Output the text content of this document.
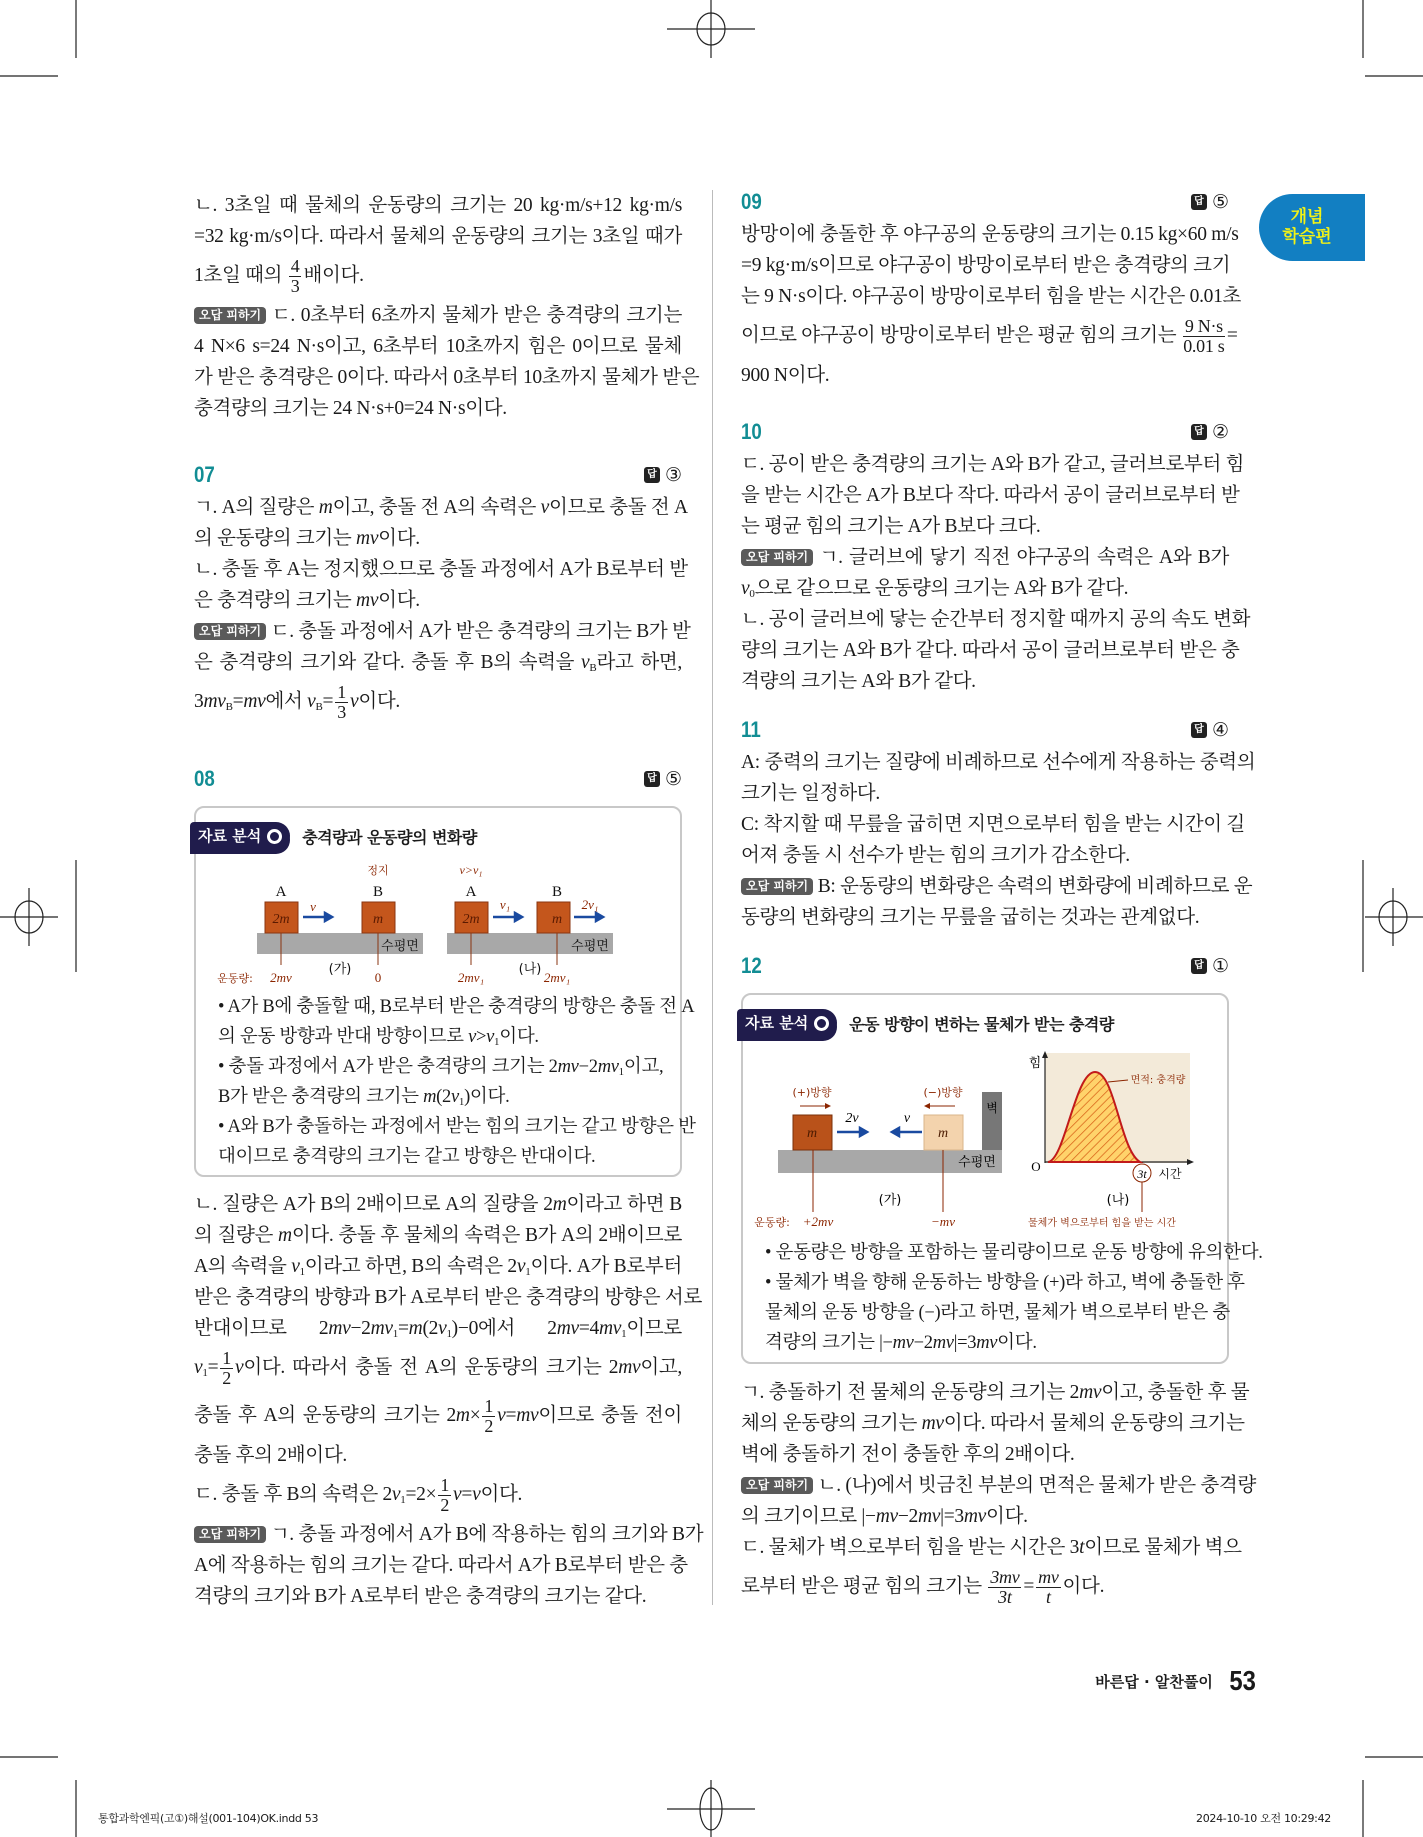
개념
학습편
ㄴ. 3초일 때 물체의 운동량의 크기는 20 kg·m/s+12 kg·m/s
=32 kg·m/s이다. 따라서 물체의 운동량의 크기는 3초일 때가
1초일 때의 $\frac{4}{3}$ 배이다.
오답 피하기 ㄷ. 0초부터 6초까지 물체가 받은 충격량의 크기는
4 N×6 s=24 N·s이고, 6초부터 10초까지 힘은 0이므로 물체
가 받은 충격량은 0이다. 따라서 0초부터 10초까지 물체가 받은
충격량의 크기는 24 N·s+0=24 N·s이다.
07	답 ③
ㄱ. A의 질량은 m이고, 충돌 전 A의 속력은 v이므로 충돌 전 A
의 운동량의 크기는 mv이다.
ㄴ. 충돌 후 A는 정지했으므로 충돌 과정에서 A가 B로부터 받
은 충격량의 크기는 mv이다.
오답 피하기 ㄷ. 충돌 과정에서 A가 받은 충격량의 크기는 B가 받
은 충격량의 크기와 같다. 충돌 후 B의 속력을 $v_B$라고 하면,
$3mv_B=mv$에서 $v_B= \frac{1}{3}$ v이다.
08	답 ⑤
자료 분석	충격량과 운동량의 변화량
A	B	A	B
정지	v>v₁
2m	m	2m	m
v	v₁	2v₁
수평면	수평면
(가)	(나)
운동량: 2mv	0	2mv₁	2mv₁
• A가 B에 충돌할 때, B로부터 받은 충격량의 방향은 충돌 전 A
의 운동 방향과 반대 방향이므로 $v>v_1$이다.
• 충돌 과정에서 A가 받은 충격량의 크기는 $2mv-2mv_1$이고,
B가 받은 충격량의 크기는 $m(2v_1)$이다.
• A와 B가 충돌하는 과정에서 받는 힘의 크기는 같고 방향은 반
대이므로 충격량의 크기는 같고 방향은 반대이다.
ㄴ. 질량은 A가 B의 2배이므로 A의 질량을 2m이라고 하면 B
의 질량은 m이다. 충돌 후 물체의 속력은 B가 A의 2배이므로
A의 속력을 $v_1$이라고 하면, B의 속력은 $2v_1$이다. A가 B로부터
받은 충격량의 방향과 B가 A로부터 받은 충격량의 방향은 서로
반대이므로 $2mv-2mv_1=m(2v_1)-0$에서 $2mv=4mv_1$이므로
$v_1= \frac{1}{2}$ v이다. 따라서 충돌 전 A의 운동량의 크기는 2mv이고,
충돌 후 A의 운동량의 크기는 $2m\times \frac{1}{2} v=mv$이므로 충돌 전이
충돌 후의 2배이다.
ㄷ. 충돌 후 B의 속력은 $2v_1=2\times \frac{1}{2} v=v$이다.
오답 피하기 ㄱ. 충돌 과정에서 A가 B에 작용하는 힘의 크기와 B가
A에 작용하는 힘의 크기는 같다. 따라서 A가 B로부터 받은 충
격량의 크기와 B가 A로부터 받은 충격량의 크기는 같다.
09	답 ⑤
방망이에 충돌한 후 야구공의 운동량의 크기는 0.15 kg×60 m/s
=9 kg·m/s이므로 야구공이 방망이로부터 받은 충격량의 크기
는 9 N·s이다. 야구공이 방망이로부터 힘을 받는 시간은 0.01초
이므로 야구공이 방망이로부터 받은 평균 힘의 크기는 $\frac{9 N\cdot s}{0.01 s}$ =
900 N이다.
10	답 ②
ㄷ. 공이 받은 충격량의 크기는 A와 B가 같고, 글러브로부터 힘
을 받는 시간은 A가 B보다 작다. 따라서 공이 글러브로부터 받
는 평균 힘의 크기는 A가 B보다 크다.
오답 피하기 ㄱ. 글러브에 닿기 직전 야구공의 속력은 A와 B가
$v_0$으로 같으므로 운동량의 크기는 A와 B가 같다.
ㄴ. 공이 글러브에 닿는 순간부터 정지할 때까지 공의 속도 변화
량의 크기는 A와 B가 같다. 따라서 공이 글러브로부터 받은 충
격량의 크기는 A와 B가 같다.
11	답 ④
A: 중력의 크기는 질량에 비례하므로 선수에게 작용하는 중력의
크기는 일정하다.
C: 착지할 때 무릎을 굽히면 지면으로부터 힘을 받는 시간이 길
어져 충돌 시 선수가 받는 힘의 크기가 감소한다.
오답 피하기 B: 운동량의 변화량은 속력의 변화량에 비례하므로 운
동량의 변화량의 크기는 무릎을 굽히는 것과는 관계없다.
12	답 ①
자료 분석	운동 방향이 변하는 물체가 받는 충격량
(+)방향	(−)방향
벽
m	m
2v	v
수평면
(가)
운동량: +2mv	−mv
힘
O	3t 시간
면적: 충격량
(나)
물체가 벽으로부터 힘을 받는 시간
• 운동량은 방향을 포함하는 물리량이므로 운동 방향에 유의한다.
• 물체가 벽을 향해 운동하는 방향을 (+)라 하고, 벽에 충돌한 후
물체의 운동 방향을 (−)라고 하면, 물체가 벽으로부터 받은 충
격량의 크기는 |−mv−2mv|=3mv이다.
ㄱ. 충돌하기 전 물체의 운동량의 크기는 2mv이고, 충돌한 후 물
체의 운동량의 크기는 mv이다. 따라서 물체의 운동량의 크기는
벽에 충돌하기 전이 충돌한 후의 2배이다.
오답 피하기 ㄴ. (나)에서 빗금친 부분의 면적은 물체가 받은 충격량
의 크기이므로 |−mv−2mv|=3mv이다.
ㄷ. 물체가 벽으로부터 힘을 받는 시간은 3t이므로 물체가 벽으
로부터 받은 평균 힘의 크기는 $\frac{3mv}{3t} = \frac{mv}{t}$ 이다.
바른답 · 알찬풀이 53
통합과학엔픽(고①)해설(001-104)OK.indd 53	2024-10-10 오전 10:29:42
